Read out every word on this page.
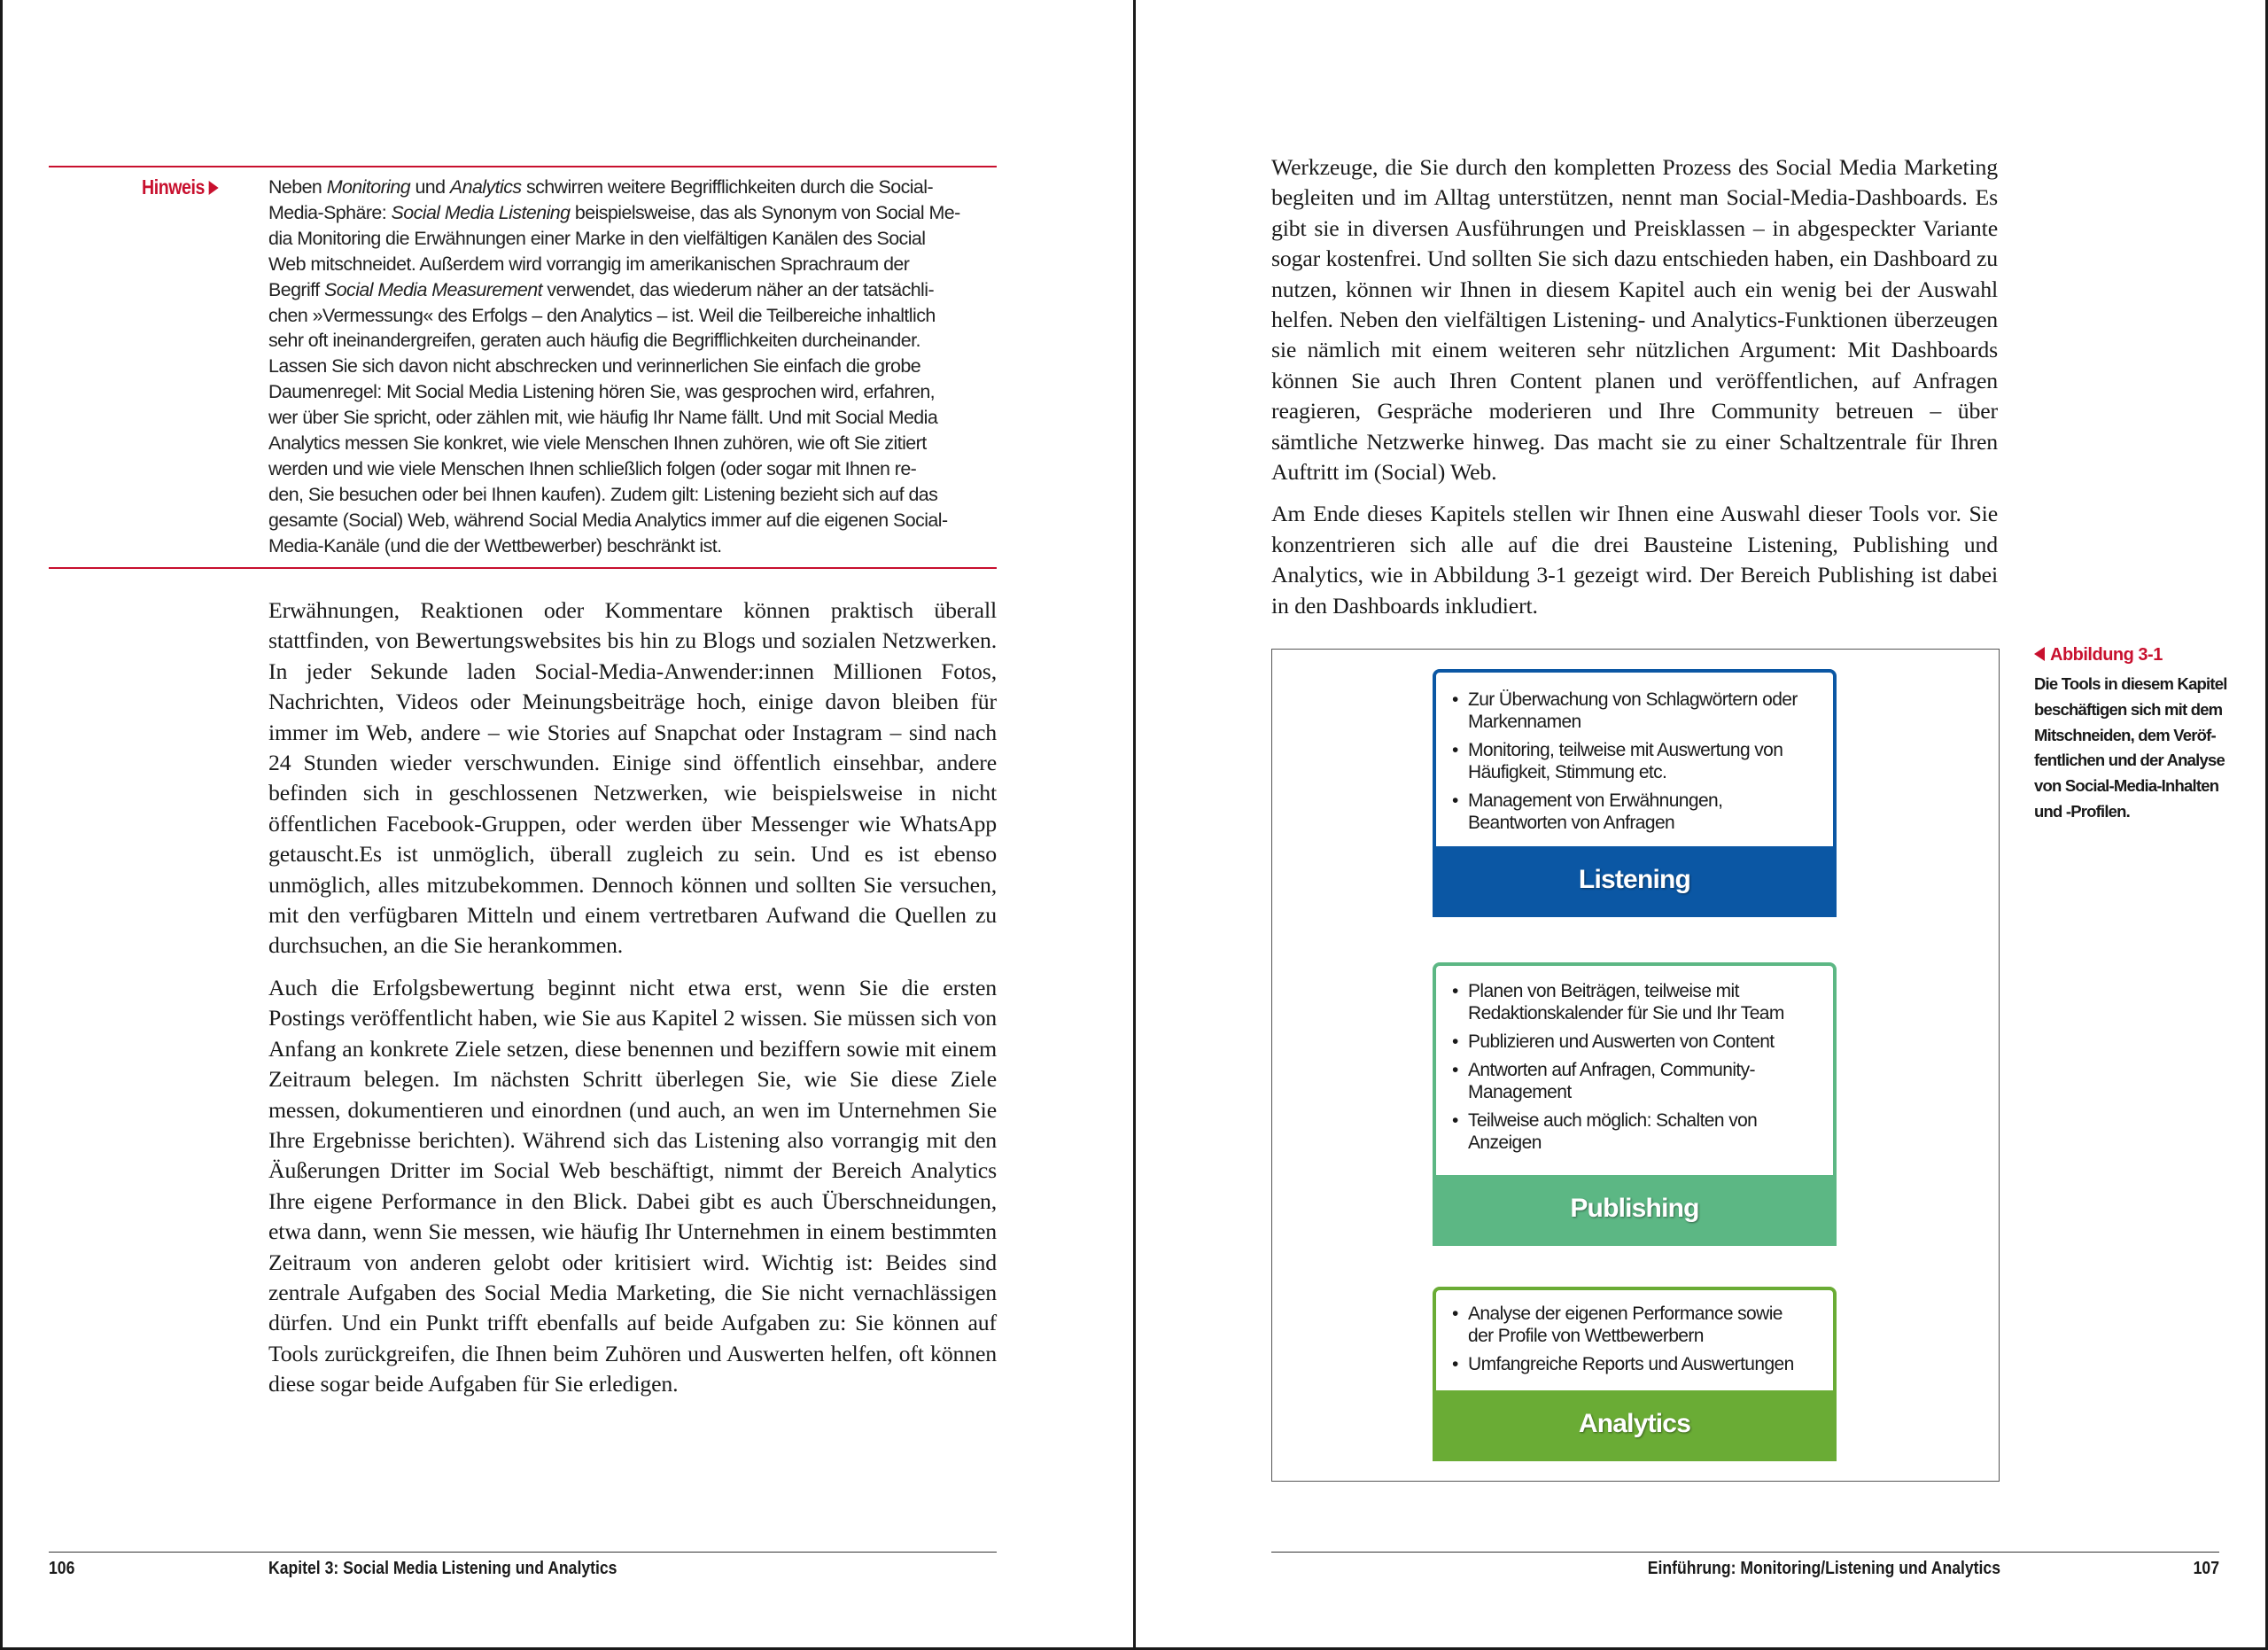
Hinweis	Neben Monitoring und Analytics schwirren weitere Begrifflichkeiten durch die Social-

Media-Sphäre: Social Media Listening beispielsweise, das als Synonym von Social Me-

dia Monitoring die Erwähnungen einer Marke in den vielfältigen Kanälen des Social

Web mitschneidet. Außerdem wird vorrangig im amerikanischen Sprachraum der

Begriff Social Media Measurement verwendet, das wiederum näher an der tatsächli-

chen »Vermessung« des Erfolgs – den Analytics – ist. Weil die Teilbereiche inhaltlich

sehr oft ineinandergreifen, geraten auch häufig die Begrifflichkeiten durcheinander.

Lassen Sie sich davon nicht abschrecken und verinnerlichen Sie einfach die grobe

Daumenregel: Mit Social Media Listening hören Sie, was gesprochen wird, erfahren,

wer über Sie spricht, oder zählen mit, wie häufig Ihr Name fällt. Und mit Social Media

Analytics messen Sie konkret, wie viele Menschen Ihnen zuhören, wie oft Sie zitiert

werden und wie viele Menschen Ihnen schließlich folgen (oder sogar mit Ihnen re-

den, Sie besuchen oder bei Ihnen kaufen). Zudem gilt: Listening bezieht sich auf das

gesamte (Social) Web, während Social Media Analytics immer auf die eigenen Social-

Media-Kanäle (und die der Wettbewerber) beschränkt ist.

Erwähnungen, Reaktionen oder Kommentare können praktisch überall stattfinden, von Bewertungswebsites bis hin zu Blogs und sozialen Netzwerken. In jeder Sekunde laden Social-Media-Anwender:innen Millionen Fotos, Nachrichten, Videos oder Meinungsbeiträge hoch, einige davon bleiben für immer im Web, andere – wie Stories auf Snapchat oder Instagram – sind nach 24 Stunden wieder verschwunden. Einige sind öffentlich einsehbar, andere befinden sich in geschlossenen Netzwerken, wie beispielsweise in nicht öffentlichen Facebook-Gruppen, oder werden über Messenger wie WhatsApp getauscht.Es ist unmöglich, überall zugleich zu sein. Und es ist ebenso unmöglich, alles mitzubekommen. Dennoch können und sollten Sie versuchen, mit den verfügbaren Mitteln und einem vertretbaren Aufwand die Quellen zu durchsuchen, an die Sie herankommen.

Auch die Erfolgsbewertung beginnt nicht etwa erst, wenn Sie die ersten Postings veröffentlicht haben, wie Sie aus Kapitel 2 wissen. Sie müssen sich von Anfang an konkrete Ziele setzen, diese benennen und beziffern sowie mit einem Zeitraum belegen. Im nächsten Schritt überlegen Sie, wie Sie diese Ziele messen, dokumentieren und einordnen (und auch, an wen im Unternehmen Sie Ihre Ergebnisse berichten). Während sich das Listening also vorrangig mit den Äußerungen Dritter im Social Web beschäftigt, nimmt der Bereich Analytics Ihre eigene Performance in den Blick. Dabei gibt es auch Überschneidungen, etwa dann, wenn Sie messen, wie häufig Ihr Unternehmen in einem bestimmten Zeitraum von anderen gelobt oder kritisiert wird. Wichtig ist: Beides sind zentrale Aufgaben des Social Media Marketing, die Sie nicht vernachlässigen dürfen. Und ein Punkt trifft ebenfalls auf beide Aufgaben zu: Sie können auf Tools zurückgreifen, die Ihnen beim Zuhören und Auswerten helfen, oft können diese sogar beide Aufgaben für Sie erledigen.

106	Kapitel 3: Social Media Listening und Analytics

Werkzeuge, die Sie durch den kompletten Prozess des Social Media Marketing begleiten und im Alltag unterstützen, nennt man Social-Media-Dashboards. Es gibt sie in diversen Ausführungen und Preisklassen – in abgespeckter Variante sogar kostenfrei. Und sollten Sie sich dazu entschieden haben, ein Dashboard zu nutzen, können wir Ihnen in diesem Kapitel auch ein wenig bei der Auswahl helfen. Neben den vielfältigen Listening- und Analytics-Funktionen überzeugen sie nämlich mit einem weiteren sehr nützlichen Argument: Mit Dashboards können Sie auch Ihren Content planen und veröffentlichen, auf Anfragen reagieren, Gespräche moderieren und Ihre Community betreuen – über sämtliche Netzwerke hinweg. Das macht sie zu einer Schaltzentrale für Ihren Auftritt im (Social) Web.

Am Ende dieses Kapitels stellen wir Ihnen eine Auswahl dieser Tools vor. Sie konzentrieren sich alle auf die drei Bausteine Listening, Publishing und Analytics, wie in Abbildung 3-1 gezeigt wird. Der Bereich Publishing ist dabei in den Dashboards inkludiert.

• Zur Überwachung von Schlagwörtern oder
Markennamen
• Monitoring, teilweise mit Auswertung von
Häufigkeit, Stimmung etc.
• Management von Erwähnungen,
Beantworten von Anfragen
Listening
• Planen von Beiträgen, teilweise mit
Redaktionskalender für Sie und Ihr Team
• Publizieren und Auswerten von Content
• Antworten auf Anfragen, Community-
Management
• Teilweise auch möglich: Schalten von
Anzeigen
Publishing
• Analyse der eigenen Performance sowie
der Profile von Wettbewerbern
• Umfangreiche Reports und Auswertungen
Analytics
Abbildung 3-1
Die Tools in diesem Kapitel
beschäftigen sich mit dem
Mitschneiden, dem Veröf-
fentlichen und der Analyse
von Social-Media-Inhalten
und -Profilen.
Einführung: Monitoring/Listening und Analytics	107
